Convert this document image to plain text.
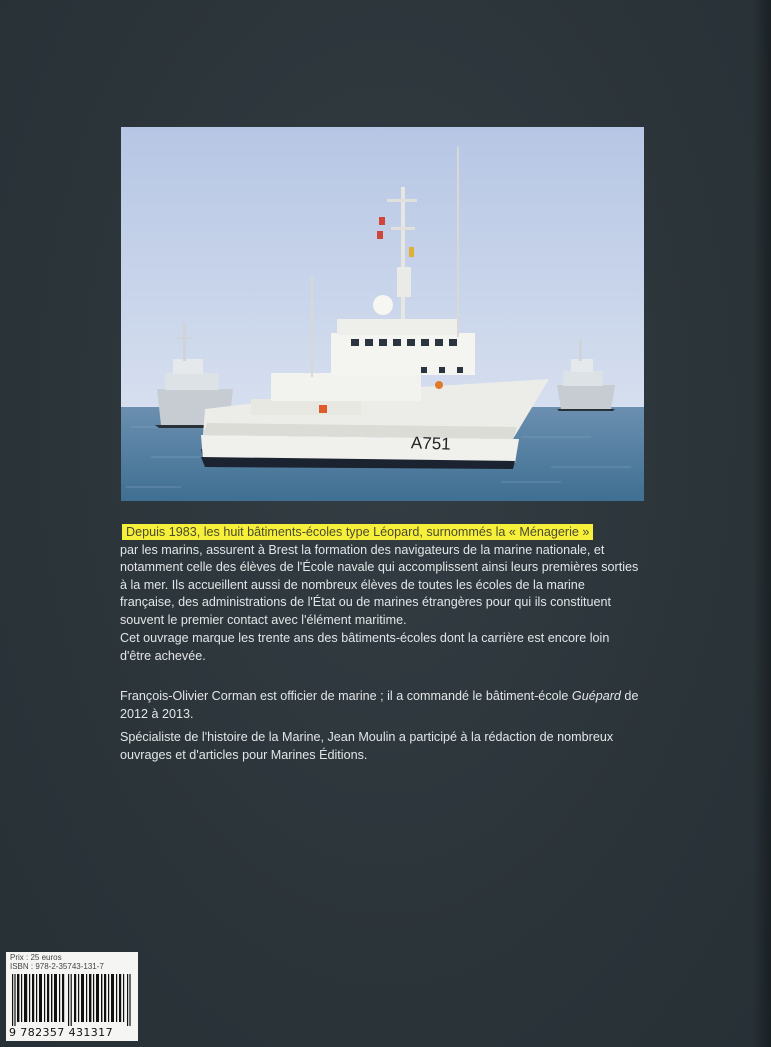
A751

Depuis 1983, les huit bâtiments-écoles type Léopard, surnommés la « Ménagerie »
par les marins, assurent à Brest la formation des navigateurs de la marine nationale, et notamment celle des élèves de l'École navale qui accomplissent ainsi leurs premières sorties à la mer. Ils accueillent aussi de nombreux élèves de toutes les écoles de la marine française, des administrations de l'État ou de marines étrangères pour qui ils constituent souvent le premier contact avec l'élément maritime.

Cet ouvrage marque les trente ans des bâtiments-écoles dont la carrière est encore loin d'être achevée.

François-Olivier Corman est officier de marine ; il a commandé le bâtiment-école Guépard de 2012 à 2013.

Spécialiste de l'histoire de la Marine, Jean Moulin a participé à la rédaction de nombreux ouvrages et d'articles pour Marines Éditions.

Prix : 25 euros
ISBN : 978-2-35743-131-7
9 782357 431317
